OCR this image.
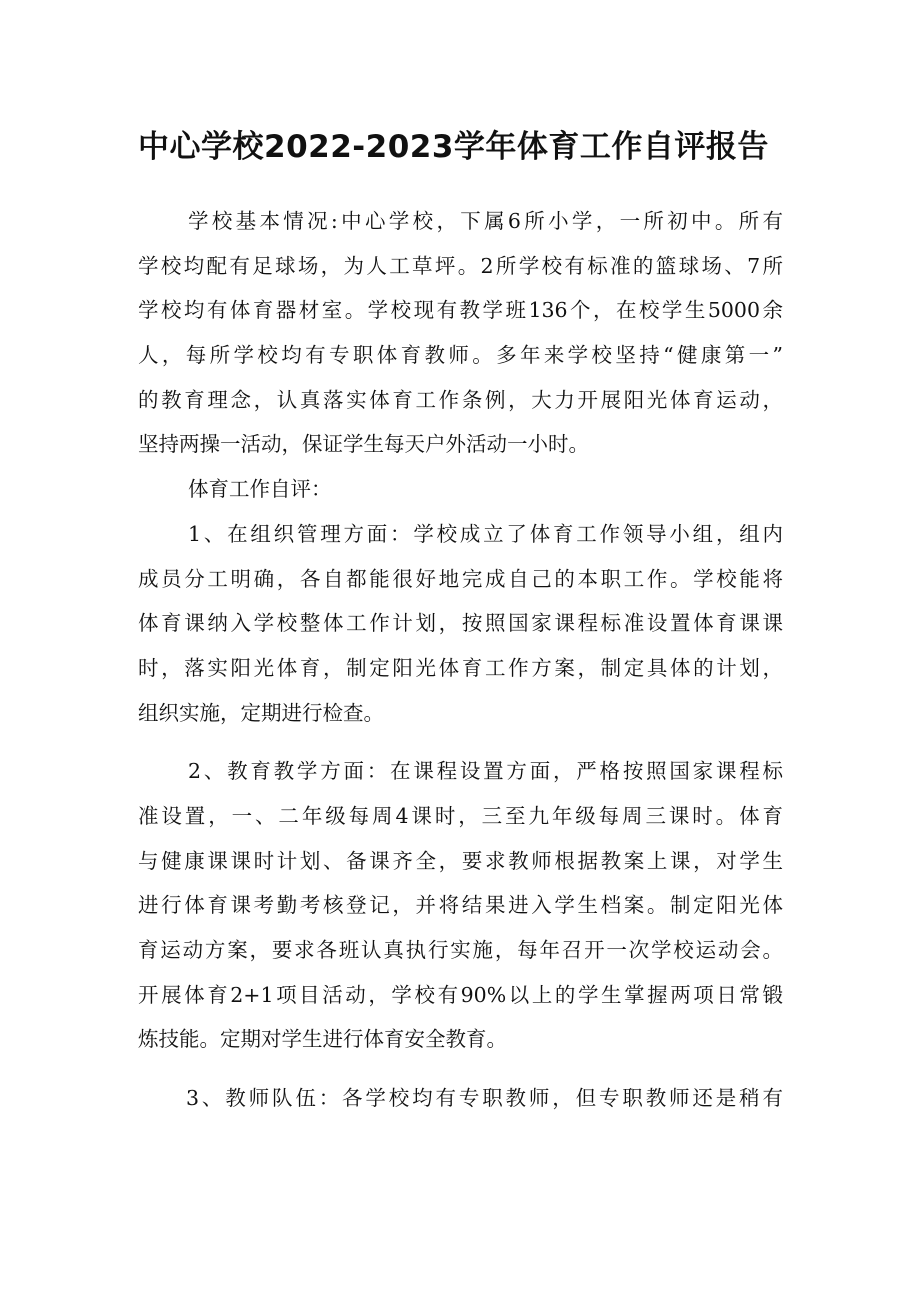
中心学校2022-2023学年体育工作自评报告
学校基本情况:中心学校，下属6所小学，一所初中。所有
学校均配有足球场，为人工草坪。2所学校有标准的篮球场、7所
学校均有体育器材室。学校现有教学班136个，在校学生5000余
人，每所学校均有专职体育教师。多年来学校坚持“健康第一”
的教育理念，认真落实体育工作条例，大力开展阳光体育运动，
坚持两操一活动，保证学生每天户外活动一小时。
体育工作自评：
1、在组织管理方面：学校成立了体育工作领导小组，组内
成员分工明确，各自都能很好地完成自己的本职工作。学校能将
体育课纳入学校整体工作计划，按照国家课程标准设置体育课课
时，落实阳光体育，制定阳光体育工作方案，制定具体的计划，
组织实施，定期进行检查。
2、教育教学方面：在课程设置方面，严格按照国家课程标
准设置，一、二年级每周4课时，三至九年级每周三课时。体育
与健康课课时计划、备课齐全，要求教师根据教案上课，对学生
进行体育课考勤考核登记，并将结果进入学生档案。制定阳光体
育运动方案，要求各班认真执行实施，每年召开一次学校运动会。
开展体育2+1项目活动，学校有90%以上的学生掌握两项日常锻
炼技能。定期对学生进行体育安全教育。
3、教师队伍：各学校均有专职教师，但专职教师还是稍有
